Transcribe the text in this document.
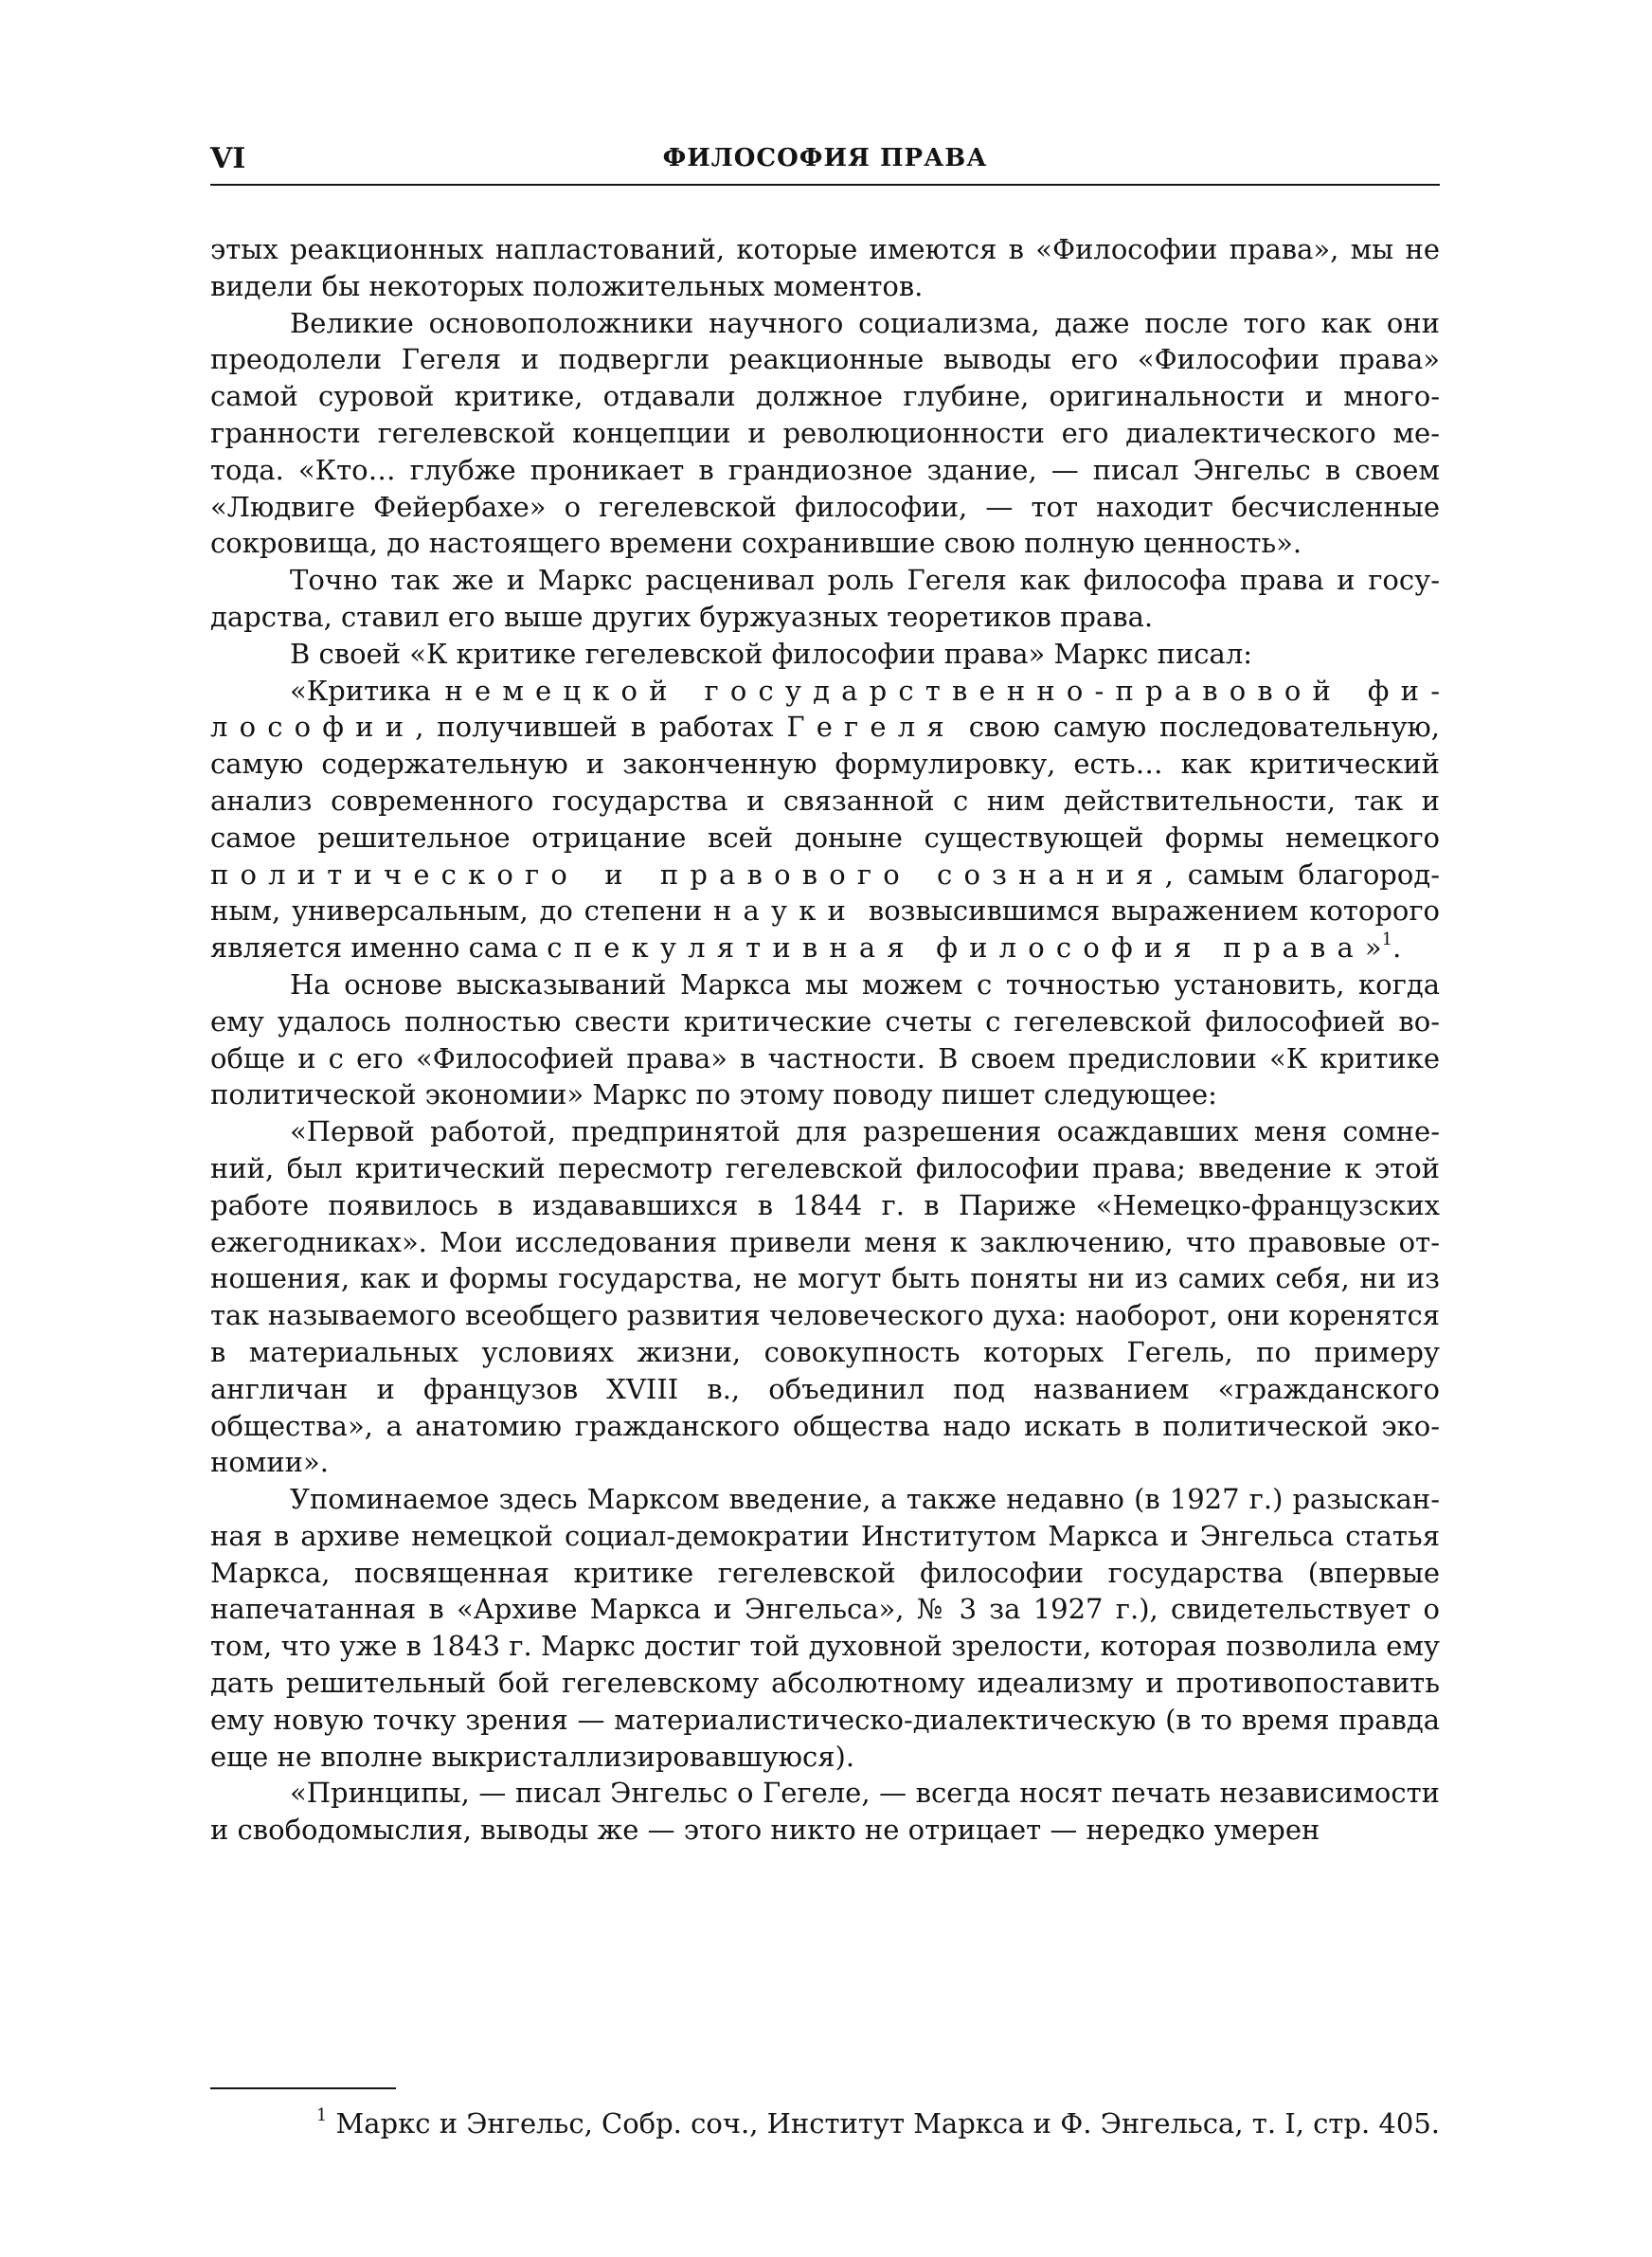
VI	ФИЛОСОФИЯ ПРАВА

этых реакционных напластований, которые имеются в «Философии права», мы не видели бы некоторых положительных моментов.

Великие основоположники научного социализма, даже после того как они преодолели Гегеля и подвергли реакционные выводы его «Философии права» самой суровой критике, отдавали должное глубине, оригинальности и многогранности гегелевской концепции и революционности его диалектического метода. «Кто… глубже проникает в грандиозное здание, — писал Энгельс в своем «Людвиге Фейербахе» о гегелевской философии, — тот находит бесчисленные сокровища, до настоящего времени сохранившие свою полную ценность».

Точно так же и Маркс расценивал роль Гегеля как философа права и государства, ставил его выше других буржуазных теоретиков права.

В своей «К критике гегелевской философии права» Маркс писал:

«Критика немецкой государственно-правовой философии, получившей в работах Гегеля свою самую последовательную, самую содержательную и законченную формулировку, есть… как критический анализ современного государства и связанной с ним действительности, так и самое решительное отрицание всей доныне существующей формы немецкого политического и правового сознания, самым благородным, универсальным, до степени науки возвысившимся выражением которого является именно сама спекулятивная философия права»$^1$.

На основе высказываний Маркса мы можем с точностью установить, когда ему удалось полностью свести критические счеты с гегелевской философией вообще и с его «Философией права» в частности. В своем предисловии «К критике политической экономии» Маркс по этому поводу пишет следующее:

«Первой работой, предпринятой для разрешения осаждавших меня сомнений, был критический пересмотр гегелевской философии права; введение к этой работе появилось в издававшихся в 1844 г. в Париже «Немецко-французских ежегодниках». Мои исследования привели меня к заключению, что правовые отношения, как и формы государства, не могут быть поняты ни из самих себя, ни из так называемого всеобщего развития человеческого духа: наоборот, они коренятся в материальных условиях жизни, совокупность которых Гегель, по примеру англичан и французов XVIII в., объединил под названием «гражданского общества», а анатомию гражданского общества надо искать в политической экономии».

Упоминаемое здесь Марксом введение, а также недавно (в 1927 г.) разысканная в архиве немецкой социал-демократии Институтом Маркса и Энгельса статья Маркса, посвященная критике гегелевской философии государства (впервые напечатанная в «Архиве Маркса и Энгельса», № 3 за 1927 г.), свидетельствует о том, что уже в 1843 г. Маркс достиг той духовной зрелости, которая позволила ему дать решительный бой гегелевскому абсолютному идеализму и противопоставить ему новую точку зрения — материалистическо-диалектическую (в то время правда еще не вполне выкристаллизировавшуюся).

«Принципы, — писал Энгельс о Гегеле, — всегда носят печать независимости и свободомыслия, выводы же — этого никто не отрицает — нередко умерен

$^1$ Маркс и Энгельс, Собр. соч., Институт Маркса и Ф. Энгельса, т. I, стр. 405.
